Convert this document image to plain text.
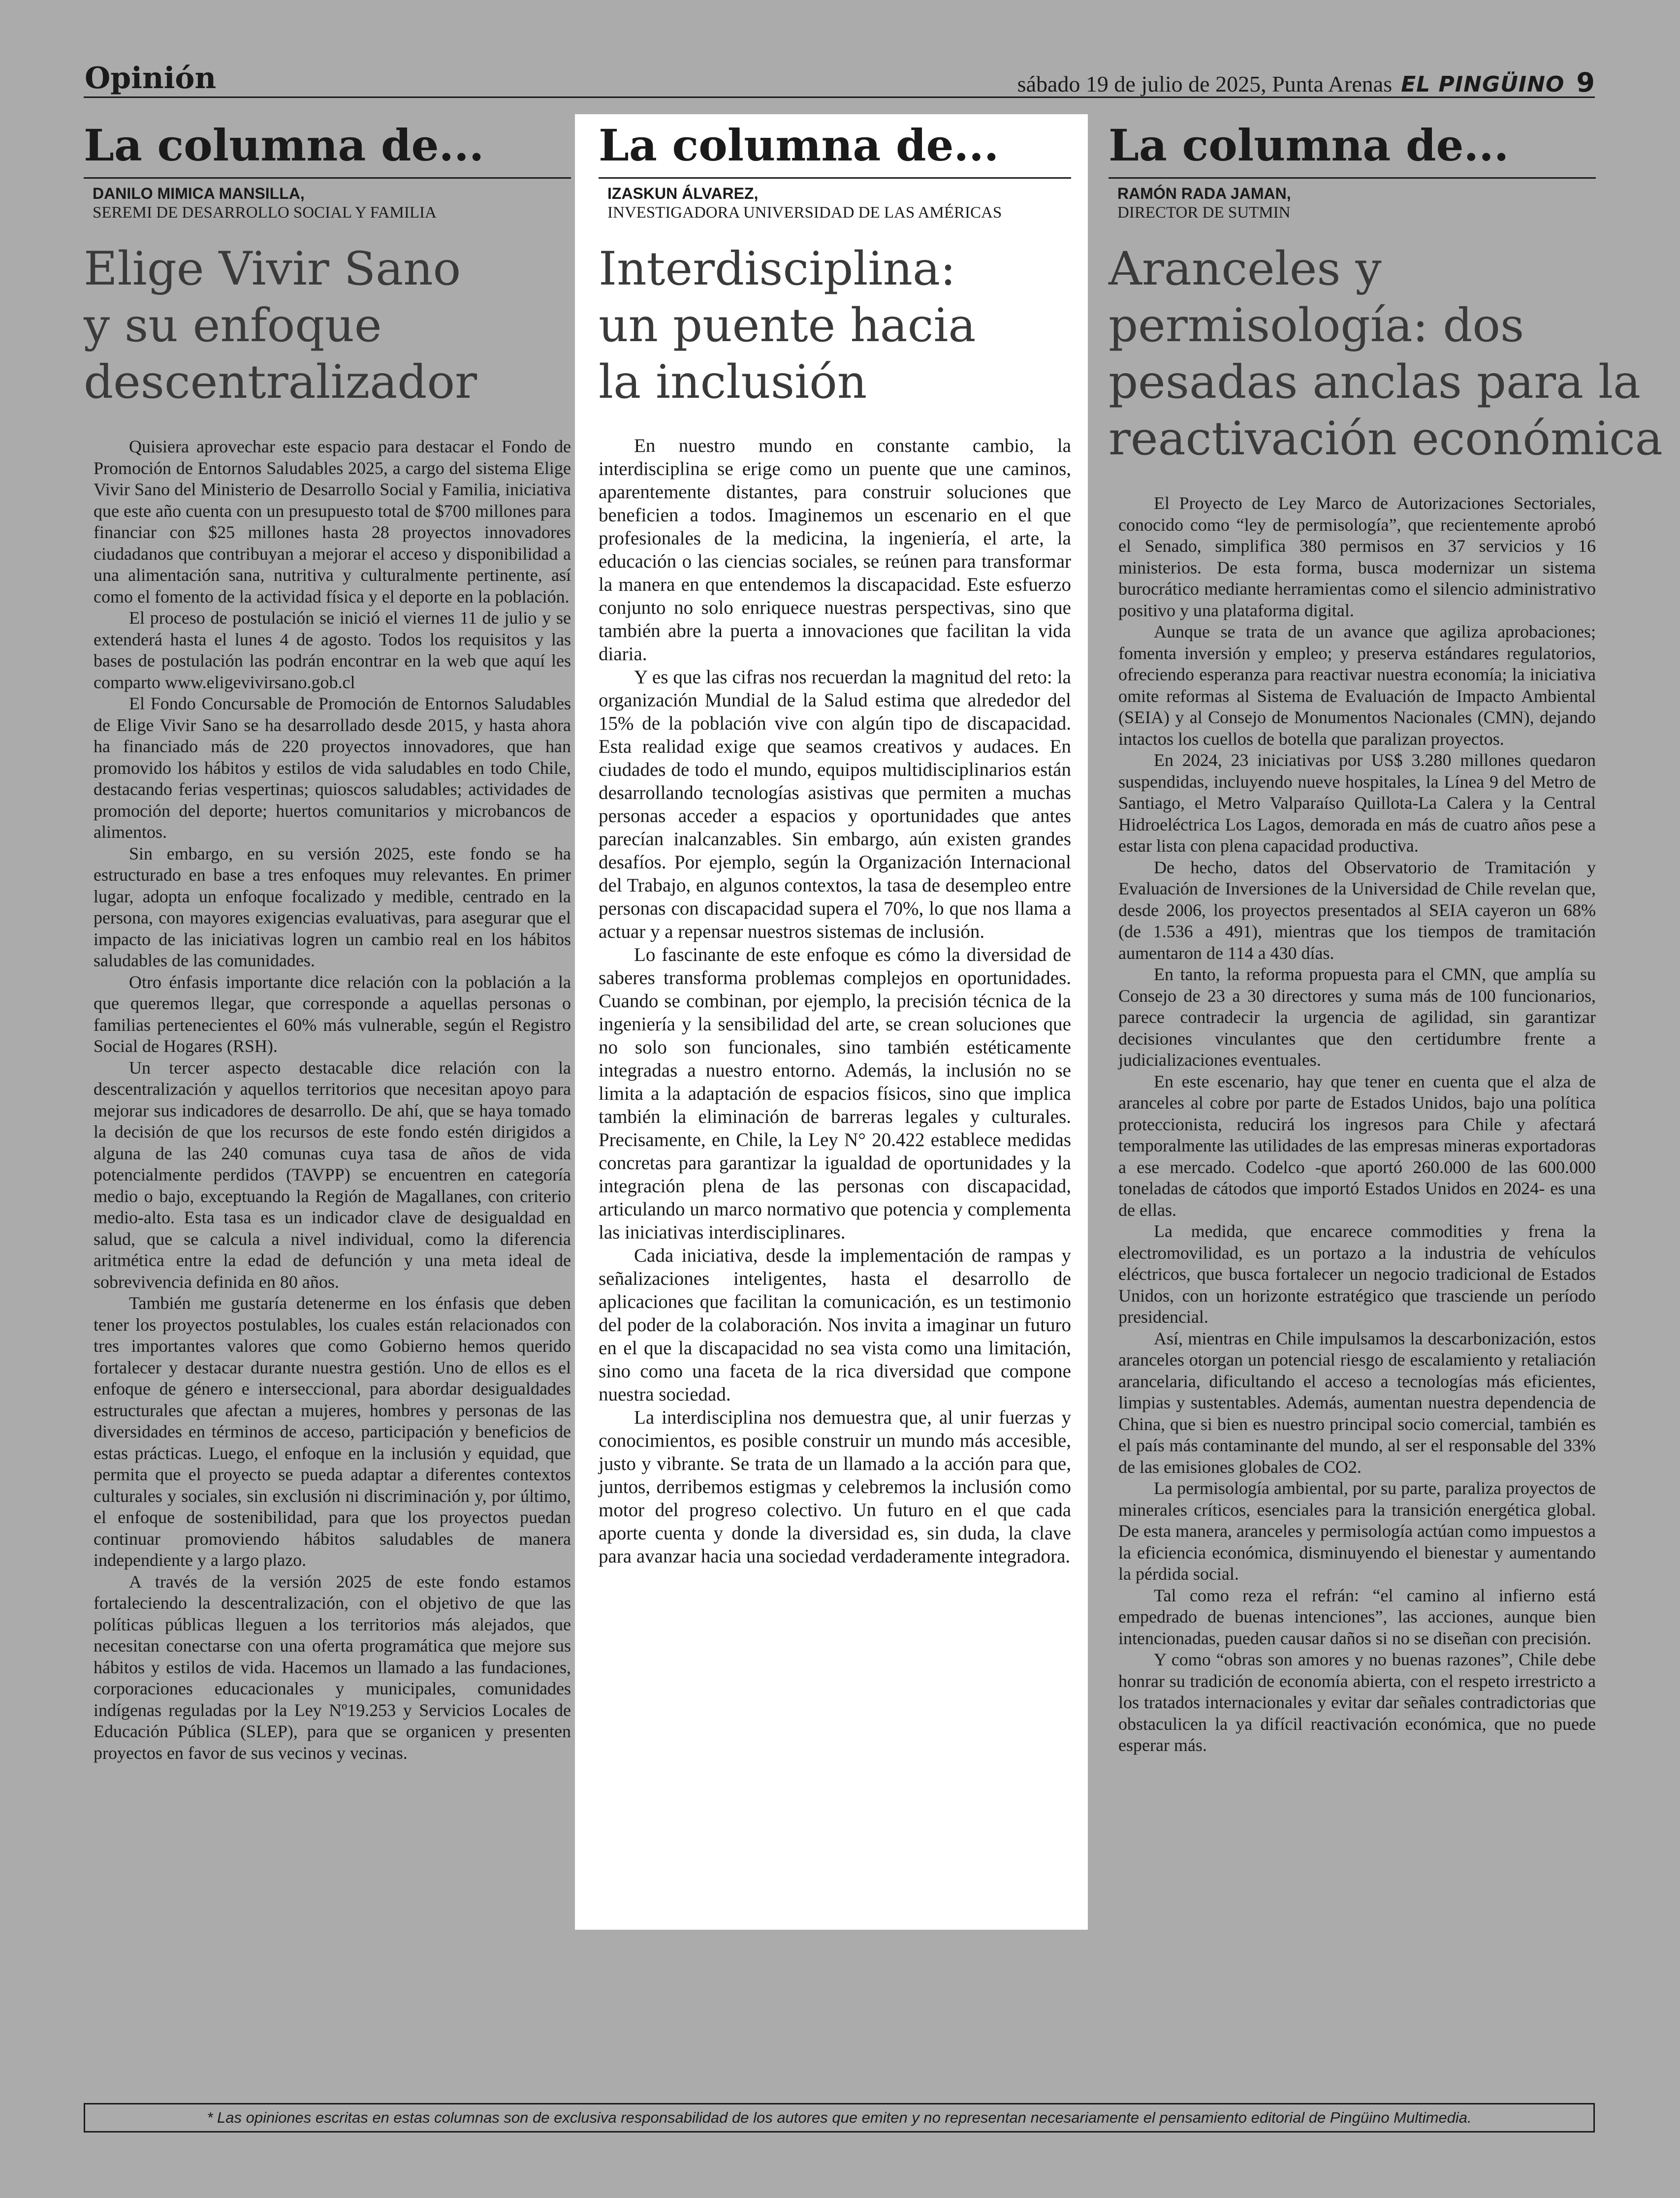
Opinión	sábado 19 de julio de 2025, Punta Arenas EL PINGÜINO 9
La columna de...
DANILO MIMICA MANSILLA,
SEREMI DE DESARROLLO SOCIAL Y FAMILIA
Elige Vivir Sano
y su enfoque
descentralizador

Quisiera aprovechar este espacio para destacar el Fondo de Promoción de Entornos Saludables 2025, a cargo del sistema Elige Vivir Sano del Ministerio de Desarrollo Social y Familia, iniciativa que este año cuenta con un presupuesto total de $700 millones para financiar con $25 millones hasta 28 proyectos innovadores ciudadanos que contribuyan a mejorar el acceso y disponibilidad a una alimentación sana, nutritiva y culturalmente pertinente, así como el fomento de la actividad física y el deporte en la población.

El proceso de postulación se inició el viernes 11 de julio y se extenderá hasta el lunes 4 de agosto. Todos los requisitos y las bases de postulación las podrán encontrar en la web que aquí les comparto www.eligevivirsano.gob.cl

El Fondo Concursable de Promoción de Entornos Saludables de Elige Vivir Sano se ha desarrollado desde 2015, y hasta ahora ha financiado más de 220 proyectos innovadores, que han promovido los hábitos y estilos de vida saludables en todo Chile, destacando ferias vespertinas; quioscos saludables; actividades de promoción del deporte; huertos comunitarios y microbancos de alimentos.

Sin embargo, en su versión 2025, este fondo se ha estructurado en base a tres enfoques muy relevantes. En primer lugar, adopta un enfoque focalizado y medible, centrado en la persona, con mayores exigencias evaluativas, para asegurar que el impacto de las iniciativas logren un cambio real en los hábitos saludables de las comunidades.

Otro énfasis importante dice relación con la población a la que queremos llegar, que corresponde a aquellas personas o familias pertenecientes el 60% más vulnerable, según el Registro Social de Hogares (RSH).

Un tercer aspecto destacable dice relación con la descentralización y aquellos territorios que necesitan apoyo para mejorar sus indicadores de desarrollo. De ahí, que se haya tomado la decisión de que los recursos de este fondo estén dirigidos a alguna de las 240 comunas cuya tasa de años de vida potencialmente perdidos (TAVPP) se encuentren en categoría medio o bajo, exceptuando la Región de Magallanes, con criterio medio-alto. Esta tasa es un indicador clave de desigualdad en salud, que se calcula a nivel individual, como la diferencia aritmética entre la edad de defunción y una meta ideal de sobrevivencia definida en 80 años.

También me gustaría detenerme en los énfasis que deben tener los proyectos postulables, los cuales están relacionados con tres importantes valores que como Gobierno hemos querido fortalecer y destacar durante nuestra gestión. Uno de ellos es el enfoque de género e interseccional, para abordar desigualdades estructurales que afectan a mujeres, hombres y personas de las diversidades en términos de acceso, participación y beneficios de estas prácticas. Luego, el enfoque en la inclusión y equidad, que permita que el proyecto se pueda adaptar a diferentes contextos culturales y sociales, sin exclusión ni discriminación y, por último, el enfoque de sostenibilidad, para que los proyectos puedan continuar promoviendo hábitos saludables de manera independiente y a largo plazo.

A través de la versión 2025 de este fondo estamos fortaleciendo la descentralización, con el objetivo de que las políticas públicas lleguen a los territorios más alejados, que necesitan conectarse con una oferta programática que mejore sus hábitos y estilos de vida. Hacemos un llamado a las fundaciones, corporaciones educacionales y municipales, comunidades indígenas reguladas por la Ley Nº19.253 y Servicios Locales de Educación Pública (SLEP), para que se organicen y presenten proyectos en favor de sus vecinos y vecinas.

La columna de...
IZASKUN ÁLVAREZ,
INVESTIGADORA UNIVERSIDAD DE LAS AMÉRICAS
Interdisciplina:
un puente hacia
la inclusión

En nuestro mundo en constante cambio, la interdisciplina se erige como un puente que une caminos, aparentemente distantes, para construir soluciones que beneficien a todos. Imaginemos un escenario en el que profesionales de la medicina, la ingeniería, el arte, la educación o las ciencias sociales, se reúnen para transformar la manera en que entendemos la discapacidad. Este esfuerzo conjunto no solo enriquece nuestras perspectivas, sino que también abre la puerta a innovaciones que facilitan la vida diaria.

Y es que las cifras nos recuerdan la magnitud del reto: la organización Mundial de la Salud estima que alrededor del 15% de la población vive con algún tipo de discapacidad. Esta realidad exige que seamos creativos y audaces. En ciudades de todo el mundo, equipos multidisciplinarios están desarrollando tecnologías asistivas que permiten a muchas personas acceder a espacios y oportunidades que antes parecían inalcanzables. Sin embargo, aún existen grandes desafíos. Por ejemplo, según la Organización Internacional del Trabajo, en algunos contextos, la tasa de desempleo entre personas con discapacidad supera el 70%, lo que nos llama a actuar y a repensar nuestros sistemas de inclusión.

Lo fascinante de este enfoque es cómo la diversidad de saberes transforma problemas complejos en oportunidades. Cuando se combinan, por ejemplo, la precisión técnica de la ingeniería y la sensibilidad del arte, se crean soluciones que no solo son funcionales, sino también estéticamente integradas a nuestro entorno. Además, la inclusión no se limita a la adaptación de espacios físicos, sino que implica también la eliminación de barreras legales y culturales. Precisamente, en Chile, la Ley N° 20.422 establece medidas concretas para garantizar la igualdad de oportunidades y la integración plena de las personas con discapacidad, articulando un marco normativo que potencia y complementa las iniciativas interdisciplinares.

Cada iniciativa, desde la implementación de rampas y señalizaciones inteligentes, hasta el desarrollo de aplicaciones que facilitan la comunicación, es un testimonio del poder de la colaboración. Nos invita a imaginar un futuro en el que la discapacidad no sea vista como una limitación, sino como una faceta de la rica diversidad que compone nuestra sociedad.

La interdisciplina nos demuestra que, al unir fuerzas y conocimientos, es posible construir un mundo más accesible, justo y vibrante. Se trata de un llamado a la acción para que, juntos, derribemos estigmas y celebremos la inclusión como motor del progreso colectivo. Un futuro en el que cada aporte cuenta y donde la diversidad es, sin duda, la clave para avanzar hacia una sociedad verdaderamente integradora.

La columna de...
RAMÓN RADA JAMAN,
DIRECTOR DE SUTMIN
Aranceles y
permisología: dos
pesadas anclas para la
reactivación económica

El Proyecto de Ley Marco de Autorizaciones Sectoriales, conocido como “ley de permisología”, que recientemente aprobó el Senado, simplifica 380 permisos en 37 servicios y 16 ministerios. De esta forma, busca modernizar un sistema burocrático mediante herramientas como el silencio administrativo positivo y una plataforma digital.

Aunque se trata de un avance que agiliza aprobaciones; fomenta inversión y empleo; y preserva estándares regulatorios, ofreciendo esperanza para reactivar nuestra economía; la iniciativa omite reformas al Sistema de Evaluación de Impacto Ambiental (SEIA) y al Consejo de Monumentos Nacionales (CMN), dejando intactos los cuellos de botella que paralizan proyectos.

En 2024, 23 iniciativas por US$ 3.280 millones quedaron suspendidas, incluyendo nueve hospitales, la Línea 9 del Metro de Santiago, el Metro Valparaíso Quillota-La Calera y la Central Hidroeléctrica Los Lagos, demorada en más de cuatro años pese a estar lista con plena capacidad productiva.

De hecho, datos del Observatorio de Tramitación y Evaluación de Inversiones de la Universidad de Chile revelan que, desde 2006, los proyectos presentados al SEIA cayeron un 68% (de 1.536 a 491), mientras que los tiempos de tramitación aumentaron de 114 a 430 días.

En tanto, la reforma propuesta para el CMN, que amplía su Consejo de 23 a 30 directores y suma más de 100 funcionarios, parece contradecir la urgencia de agilidad, sin garantizar decisiones vinculantes que den certidumbre frente a judicializaciones eventuales.

En este escenario, hay que tener en cuenta que el alza de aranceles al cobre por parte de Estados Unidos, bajo una política proteccionista, reducirá los ingresos para Chile y afectará temporalmente las utilidades de las empresas mineras exportadoras a ese mercado. Codelco -que aportó 260.000 de las 600.000 toneladas de cátodos que importó Estados Unidos en 2024- es una de ellas.

La medida, que encarece commodities y frena la electromovilidad, es un portazo a la industria de vehículos eléctricos, que busca fortalecer un negocio tradicional de Estados Unidos, con un horizonte estratégico que trasciende un período presidencial.

Así, mientras en Chile impulsamos la descarbonización, estos aranceles otorgan un potencial riesgo de escalamiento y retaliación arancelaria, dificultando el acceso a tecnologías más eficientes, limpias y sustentables. Además, aumentan nuestra dependencia de China, que si bien es nuestro principal socio comercial, también es el país más contaminante del mundo, al ser el responsable del 33% de las emisiones globales de CO2.

La permisología ambiental, por su parte, paraliza proyectos de minerales críticos, esenciales para la transición energética global. De esta manera, aranceles y permisología actúan como impuestos a la eficiencia económica, disminuyendo el bienestar y aumentando la pérdida social.

Tal como reza el refrán: “el camino al infierno está empedrado de buenas intenciones”, las acciones, aunque bien intencionadas, pueden causar daños si no se diseñan con precisión.

Y como “obras son amores y no buenas razones”, Chile debe honrar su tradición de economía abierta, con el respeto irrestricto a los tratados internacionales y evitar dar señales contradictorias que obstaculicen la ya difícil reactivación económica, que no puede esperar más.

* Las opiniones escritas en estas columnas son de exclusiva responsabilidad de los autores que emiten y no representan necesariamente el pensamiento editorial de Pingüino Multimedia.
